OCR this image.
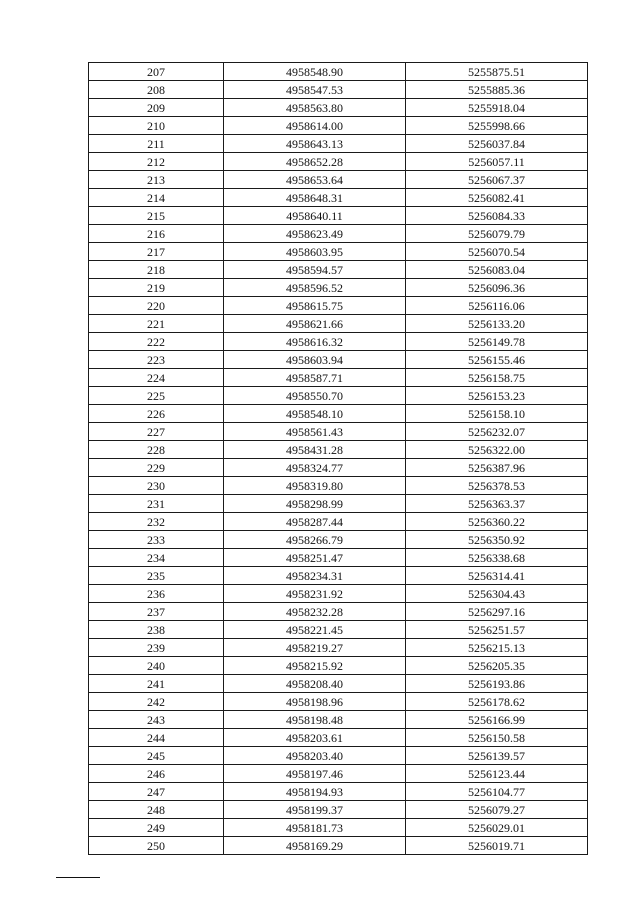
207	4958548.90	5255875.51
208	4958547.53	5255885.36
209	4958563.80	5255918.04
210	4958614.00	5255998.66
211	4958643.13	5256037.84
212	4958652.28	5256057.11
213	4958653.64	5256067.37
214	4958648.31	5256082.41
215	4958640.11	5256084.33
216	4958623.49	5256079.79
217	4958603.95	5256070.54
218	4958594.57	5256083.04
219	4958596.52	5256096.36
220	4958615.75	5256116.06
221	4958621.66	5256133.20
222	4958616.32	5256149.78
223	4958603.94	5256155.46
224	4958587.71	5256158.75
225	4958550.70	5256153.23
226	4958548.10	5256158.10
227	4958561.43	5256232.07
228	4958431.28	5256322.00
229	4958324.77	5256387.96
230	4958319.80	5256378.53
231	4958298.99	5256363.37
232	4958287.44	5256360.22
233	4958266.79	5256350.92
234	4958251.47	5256338.68
235	4958234.31	5256314.41
236	4958231.92	5256304.43
237	4958232.28	5256297.16
238	4958221.45	5256251.57
239	4958219.27	5256215.13
240	4958215.92	5256205.35
241	4958208.40	5256193.86
242	4958198.96	5256178.62
243	4958198.48	5256166.99
244	4958203.61	5256150.58
245	4958203.40	5256139.57
246	4958197.46	5256123.44
247	4958194.93	5256104.77
248	4958199.37	5256079.27
249	4958181.73	5256029.01
250	4958169.29	5256019.71
